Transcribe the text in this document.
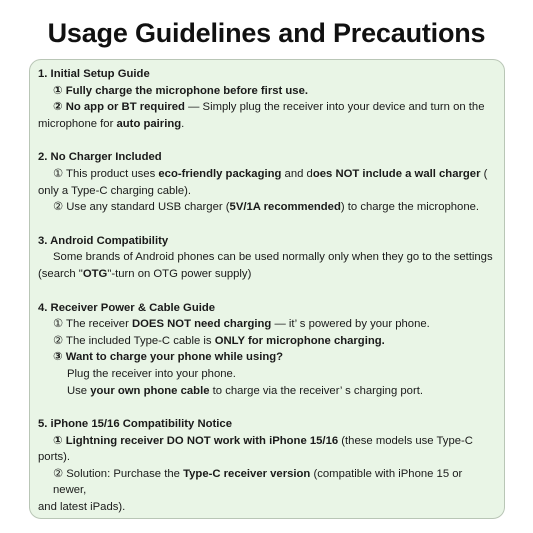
Usage Guidelines and Precautions
1. Initial Setup Guide
① Fully charge the microphone before first use.
② No app or BT required — Simply plug the receiver into your device and turn on the
microphone for auto pairing.
2. No Charger Included
① This product uses eco-friendly packaging and does NOT include a wall charger (
only a Type-C charging cable).
② Use any standard USB charger (5V/1A recommended) to charge the microphone.
3. Android Compatibility
Some brands of Android phones can be used normally only when they go to the settings
(search "OTG"-turn on OTG power supply)
4. Receiver Power & Cable Guide
① The receiver DOES NOT need charging — it’ s powered by your phone.
② The included Type-C cable is ONLY for microphone charging.
③ Want to charge your phone while using?
Plug the receiver into your phone.
Use your own phone cable to charge via the receiver’ s charging port.
5. iPhone 15/16 Compatibility Notice
① Lightning receiver DO NOT work with iPhone 15/16 (these models use Type-C
ports).
② Solution: Purchase the Type-C receiver version (compatible with iPhone 15 or newer,
and latest iPads).
